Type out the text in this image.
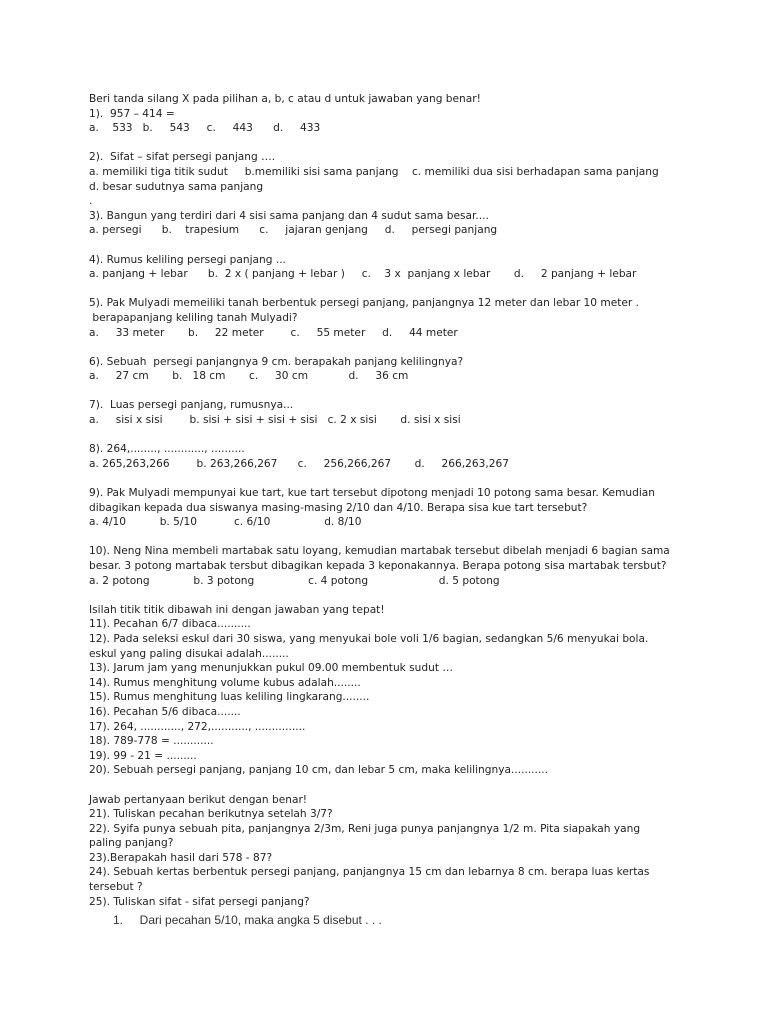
Beri tanda silang X pada pilihan a, b, c atau d untuk jawaban yang benar!
1).  957 – 414 =
a.    533   b.     543     c.     443      d.     433
2).  Sifat – sifat persegi panjang ….
a. memiliki tiga titik sudut     b.memiliki sisi sama panjang    c. memiliki dua sisi berhadapan sama panjang
d. besar sudutnya sama panjang
.
3). Bangun yang terdiri dari 4 sisi sama panjang dan 4 sudut sama besar....
a. persegi      b.    trapesium      c.     jajaran genjang     d.     persegi panjang
4). Rumus keliling persegi panjang ...
a. panjang + lebar      b.  2 x ( panjang + lebar )     c.    3 x  panjang x lebar       d.     2 panjang + lebar
5). Pak Mulyadi memeiliki tanah berbentuk persegi panjang, panjangnya 12 meter dan lebar 10 meter .
berapapanjang keliling tanah Mulyadi?
a.     33 meter       b.     22 meter        c.     55 meter     d.     44 meter
6). Sebuah  persegi panjangnya 9 cm. berapakah panjang kelilingnya?
a.     27 cm       b.   18 cm       c.     30 cm            d.     36 cm
7).  Luas persegi panjang, rumusnya...
a.     sisi x sisi        b. sisi + sisi + sisi + sisi   c. 2 x sisi       d. sisi x sisi
8). 264,........, ............, ..........
a. 265,263,266        b. 263,266,267      c.     256,266,267       d.     266,263,267
9). Pak Mulyadi mempunyai kue tart, kue tart tersebut dipotong menjadi 10 potong sama besar. Kemudian
dibagikan kepada dua siswanya masing-masing 2/10 dan 4/10. Berapa sisa kue tart tersebut?
a. 4/10          b. 5/10           c. 6/10                d. 8/10
10). Neng Nina membeli martabak satu loyang, kemudian martabak tersebut dibelah menjadi 6 bagian sama
besar. 3 potong martabak tersbut dibagikan kepada 3 keponakannya. Berapa potong sisa martabak tersbut?
a. 2 potong             b. 3 potong                c. 4 potong                     d. 5 potong
Isilah titik titik dibawah ini dengan jawaban yang tepat!
11). Pecahan 6/7 dibaca..........
12). Pada seleksi eskul dari 30 siswa, yang menyukai bole voli 1/6 bagian, sedangkan 5/6 menyukai bola.
eskul yang paling disukai adalah........
13). Jarum jam yang menunjukkan pukul 09.00 membentuk sudut …
14). Rumus menghitung volume kubus adalah........
15). Rumus menghitung luas keliling lingkarang........
16). Pecahan 5/6 dibaca.......
17). 264, ............, 272,..........., ...............
18). 789-778 = ............
19). 99 - 21 = .........
20). Sebuah persegi panjang, panjang 10 cm, dan lebar 5 cm, maka kelilingnya...........
Jawab pertanyaan berikut dengan benar!
21). Tuliskan pecahan berikutnya setelah 3/7?
22). Syifa punya sebuah pita, panjangnya 2/3m, Reni juga punya panjangnya 1/2 m. Pita siapakah yang
paling panjang?
23).Berapakah hasil dari 578 - 87?
24). Sebuah kertas berbentuk persegi panjang, panjangnya 15 cm dan lebarnya 8 cm. berapa luas kertas
tersebut ?
25). Tuliskan sifat - sifat persegi panjang?
1.     Dari pecahan 5/10, maka angka 5 disebut . . .
